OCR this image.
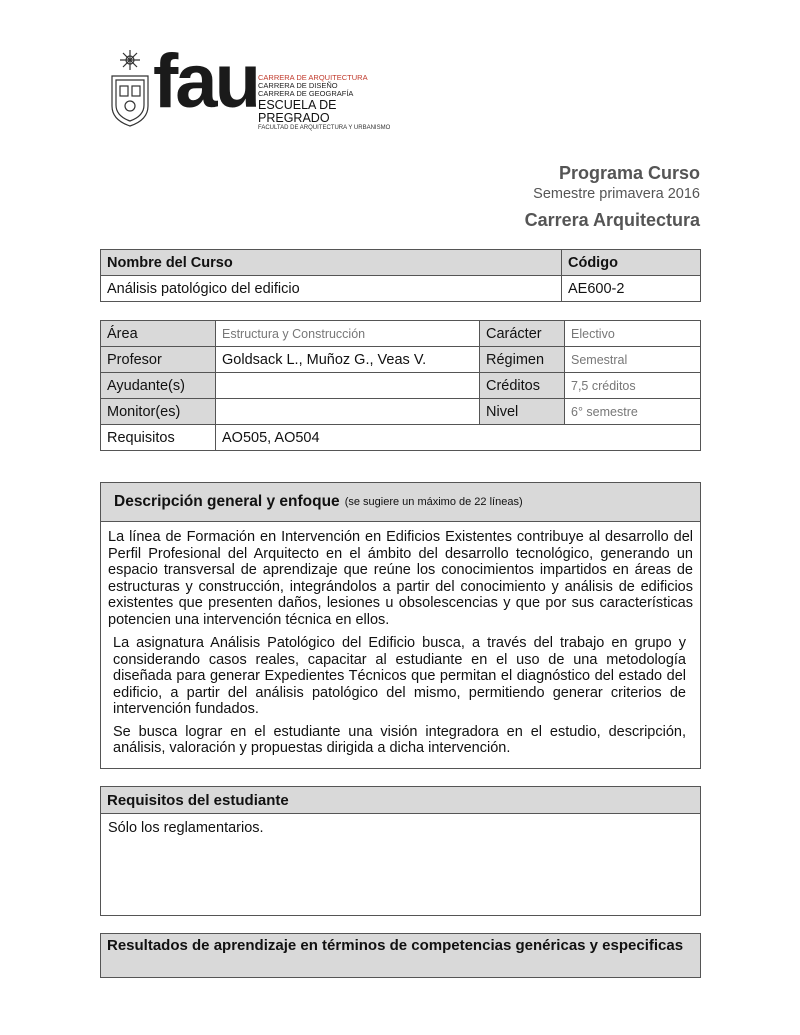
fau CARRERA DE ARQUITECTURA
CARRERA DE DISEÑO
CARRERA DE GEOGRAFÍA
ESCUELA DE PREGRADO
FACULTAD DE ARQUITECTURA Y URBANISMO
Programa Curso
Semestre primavera 2016
Carrera Arquitectura
Nombre del Curso	Código
Análisis patológico del edificio	AE600-2
Área	Estructura y Construcción	Carácter	Electivo
Profesor	Goldsack L., Muñoz G., Veas V.	Régimen	Semestral
Ayudante(s)		Créditos	7,5 créditos
Monitor(es)		Nivel	6° semestre
Requisitos	AO505, AO504		
Descripción general y enfoque (se sugiere un máximo de 22 líneas)

La línea de Formación en Intervención en Edificios Existentes contribuye al desarrollo del Perfil Profesional del Arquitecto en el ámbito del desarrollo tecnológico, generando un espacio transversal de aprendizaje que reúne los conocimientos impartidos en áreas de estructuras y construcción, integrándolos a partir del conocimiento y análisis de edificios existentes que presenten daños, lesiones u obsolescencias y que por sus características potencien una intervención técnica en ellos.

La asignatura Análisis Patológico del Edificio busca, a través del trabajo en grupo y considerando casos reales, capacitar al estudiante en el uso de una metodología diseñada para generar Expedientes Técnicos que permitan el diagnóstico del estado del edificio, a partir del análisis patológico del mismo, permitiendo generar criterios de intervención fundados.

Se busca lograr en el estudiante una visión integradora en el estudio, descripción, análisis, valoración y propuestas dirigida a dicha intervención.

Requisitos del estudiante
Sólo los reglamentarios.
Resultados de aprendizaje en términos de competencias genéricas y especificas
